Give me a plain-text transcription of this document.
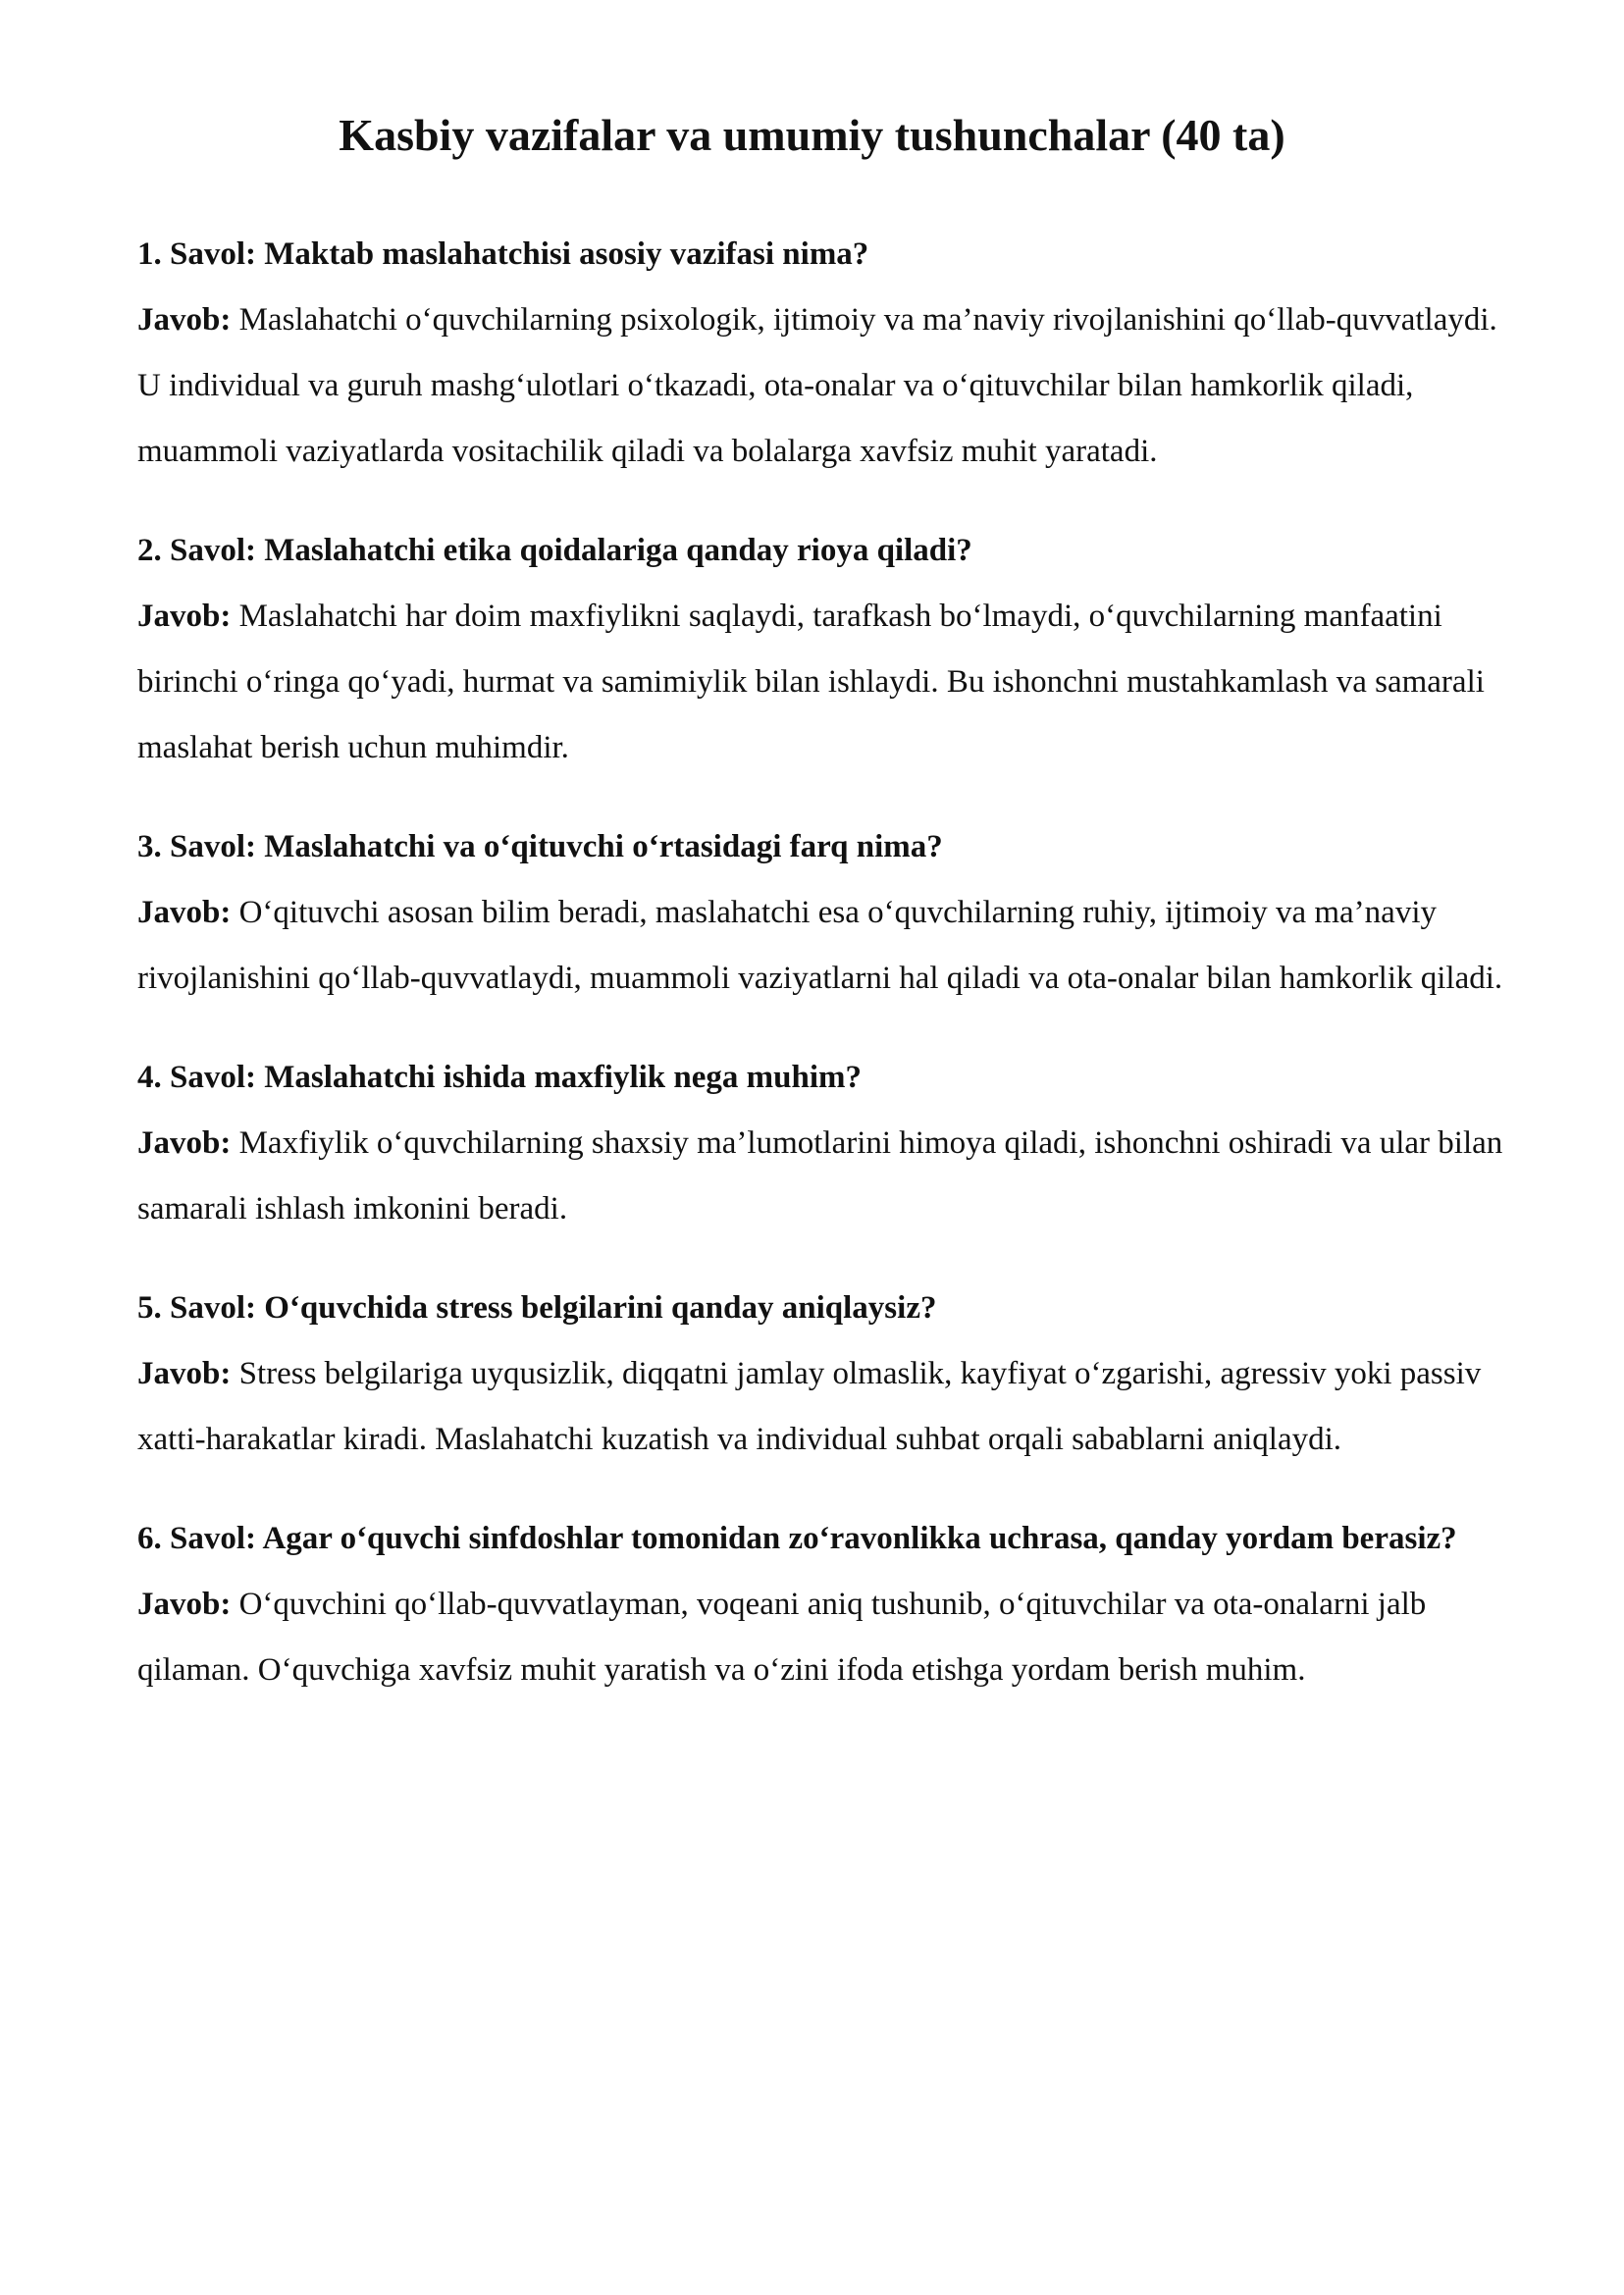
Kasbiy vazifalar va umumiy tushunchalar (40 ta)

1. Savol: Maktab maslahatchisi asosiy vazifasi nima?

Javob: Maslahatchi o‘quvchilarning psixologik, ijtimoiy va ma’naviy rivojlanishini qo‘llab-quvvatlaydi. U individual va guruh mashg‘ulotlari o‘tkazadi, ota-onalar va o‘qituvchilar bilan hamkorlik qiladi, muammoli vaziyatlarda vositachilik qiladi va bolalarga xavfsiz muhit yaratadi.

2. Savol: Maslahatchi etika qoidalariga qanday rioya qiladi?

Javob: Maslahatchi har doim maxfiylikni saqlaydi, tarafkash bo‘lmaydi, o‘quvchilarning manfaatini birinchi o‘ringa qo‘yadi, hurmat va samimiylik bilan ishlaydi. Bu ishonchni mustahkamlash va samarali maslahat berish uchun muhimdir.

3. Savol: Maslahatchi va o‘qituvchi o‘rtasidagi farq nima?

Javob: O‘qituvchi asosan bilim beradi, maslahatchi esa o‘quvchilarning ruhiy, ijtimoiy va ma’naviy rivojlanishini qo‘llab-quvvatlaydi, muammoli vaziyatlarni hal qiladi va ota-onalar bilan hamkorlik qiladi.

4. Savol: Maslahatchi ishida maxfiylik nega muhim?

Javob: Maxfiylik o‘quvchilarning shaxsiy ma’lumotlarini himoya qiladi, ishonchni oshiradi va ular bilan samarali ishlash imkonini beradi.

5. Savol: O‘quvchida stress belgilarini qanday aniqlaysiz?

Javob: Stress belgilariga uyqusizlik, diqqatni jamlay olmaslik, kayfiyat o‘zgarishi, agressiv yoki passiv xatti-harakatlar kiradi. Maslahatchi kuzatish va individual suhbat orqali sabablarni aniqlaydi.

6. Savol: Agar o‘quvchi sinfdoshlar tomonidan zo‘ravonlikka uchrasa, qanday yordam berasiz?

Javob: O‘quvchini qo‘llab-quvvatlayman, voqeani aniq tushunib, o‘qituvchilar va ota-onalarni jalb qilaman. O‘quvchiga xavfsiz muhit yaratish va o‘zini ifoda etishga yordam berish muhim.
